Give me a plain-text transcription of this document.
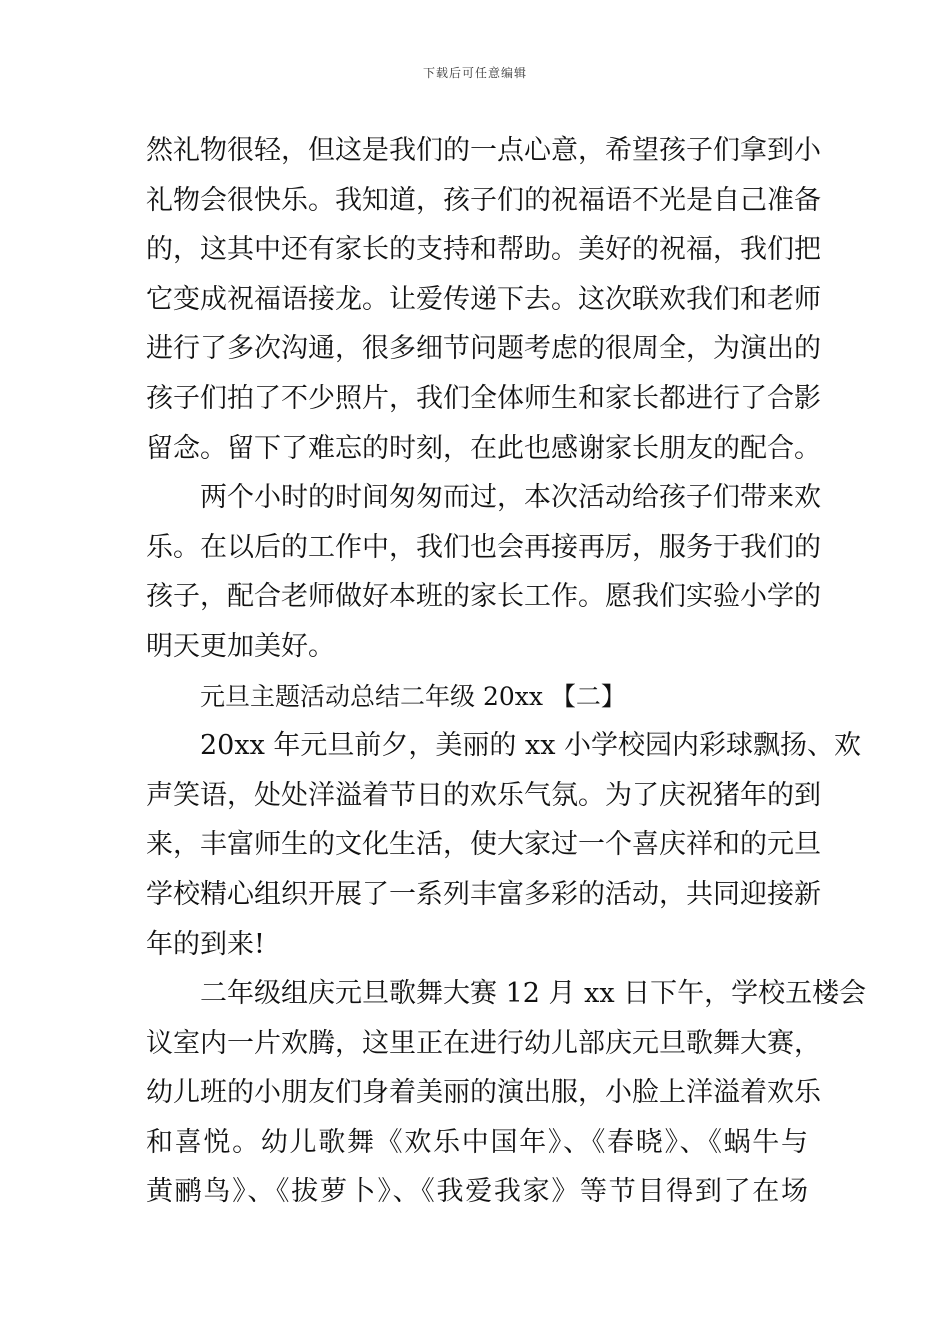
下载后可任意编辑
然礼物很轻，但这是我们的一点心意，希望孩子们拿到小
礼物会很快乐。我知道，孩子们的祝福语不光是自己准备
的，这其中还有家长的支持和帮助。美好的祝福，我们把
它变成祝福语接龙。让爱传递下去。这次联欢我们和老师
进行了多次沟通，很多细节问题考虑的很周全，为演出的
孩子们拍了不少照片，我们全体师生和家长都进行了合影
留念。留下了难忘的时刻，在此也感谢家长朋友的配合。
两个小时的时间匆匆而过，本次活动给孩子们带来欢
乐。在以后的工作中，我们也会再接再厉，服务于我们的
孩子，配合老师做好本班的家长工作。愿我们实验小学的
明天更加美好。
元旦主题活动总结二年级 20xx 【二】
20xx 年元旦前夕，美丽的 xx 小学校园内彩球飘扬、欢
声笑语，处处洋溢着节日的欢乐气氛。为了庆祝猪年的到
来，丰富师生的文化生活，使大家过一个喜庆祥和的元旦
学校精心组织开展了一系列丰富多彩的活动，共同迎接新
年的到来!
二年级组庆元旦歌舞大赛 12 月 xx 日下午，学校五楼会
议室内一片欢腾，这里正在进行幼儿部庆元旦歌舞大赛，
幼儿班的小朋友们身着美丽的演出服，小脸上洋溢着欢乐
和喜悦。幼儿歌舞《欢乐中国年》、《春晓》、《蜗牛与
黄鹂鸟》、《拔萝卜》、《我爱我家》等节目得到了在场
